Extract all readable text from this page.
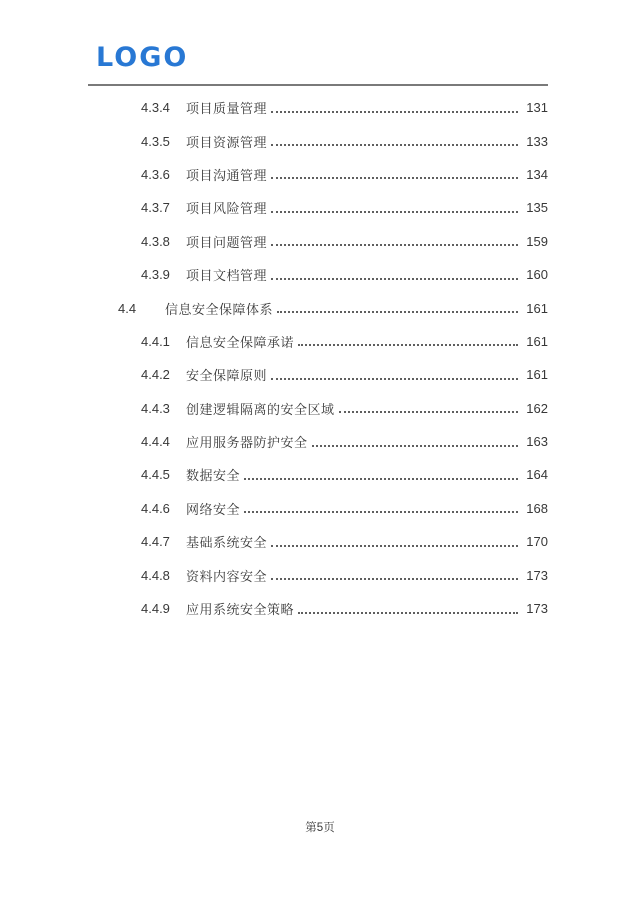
LOGO
4.3.4	项目质量管理	131
4.3.5	项目资源管理	133
4.3.6	项目沟通管理	134
4.3.7	项目风险管理	135
4.3.8	项目问题管理	159
4.3.9	项目文档管理	160
4.4	信息安全保障体系	161
4.4.1	信息安全保障承诺	161
4.4.2	安全保障原则	161
4.4.3	创建逻辑隔离的安全区域	162
4.4.4	应用服务器防护安全	163
4.4.5	数据安全	164
4.4.6	网络安全	168
4.4.7	基础系统安全	170
4.4.8	资料内容安全	173
4.4.9	应用系统安全策略	173
第5页
